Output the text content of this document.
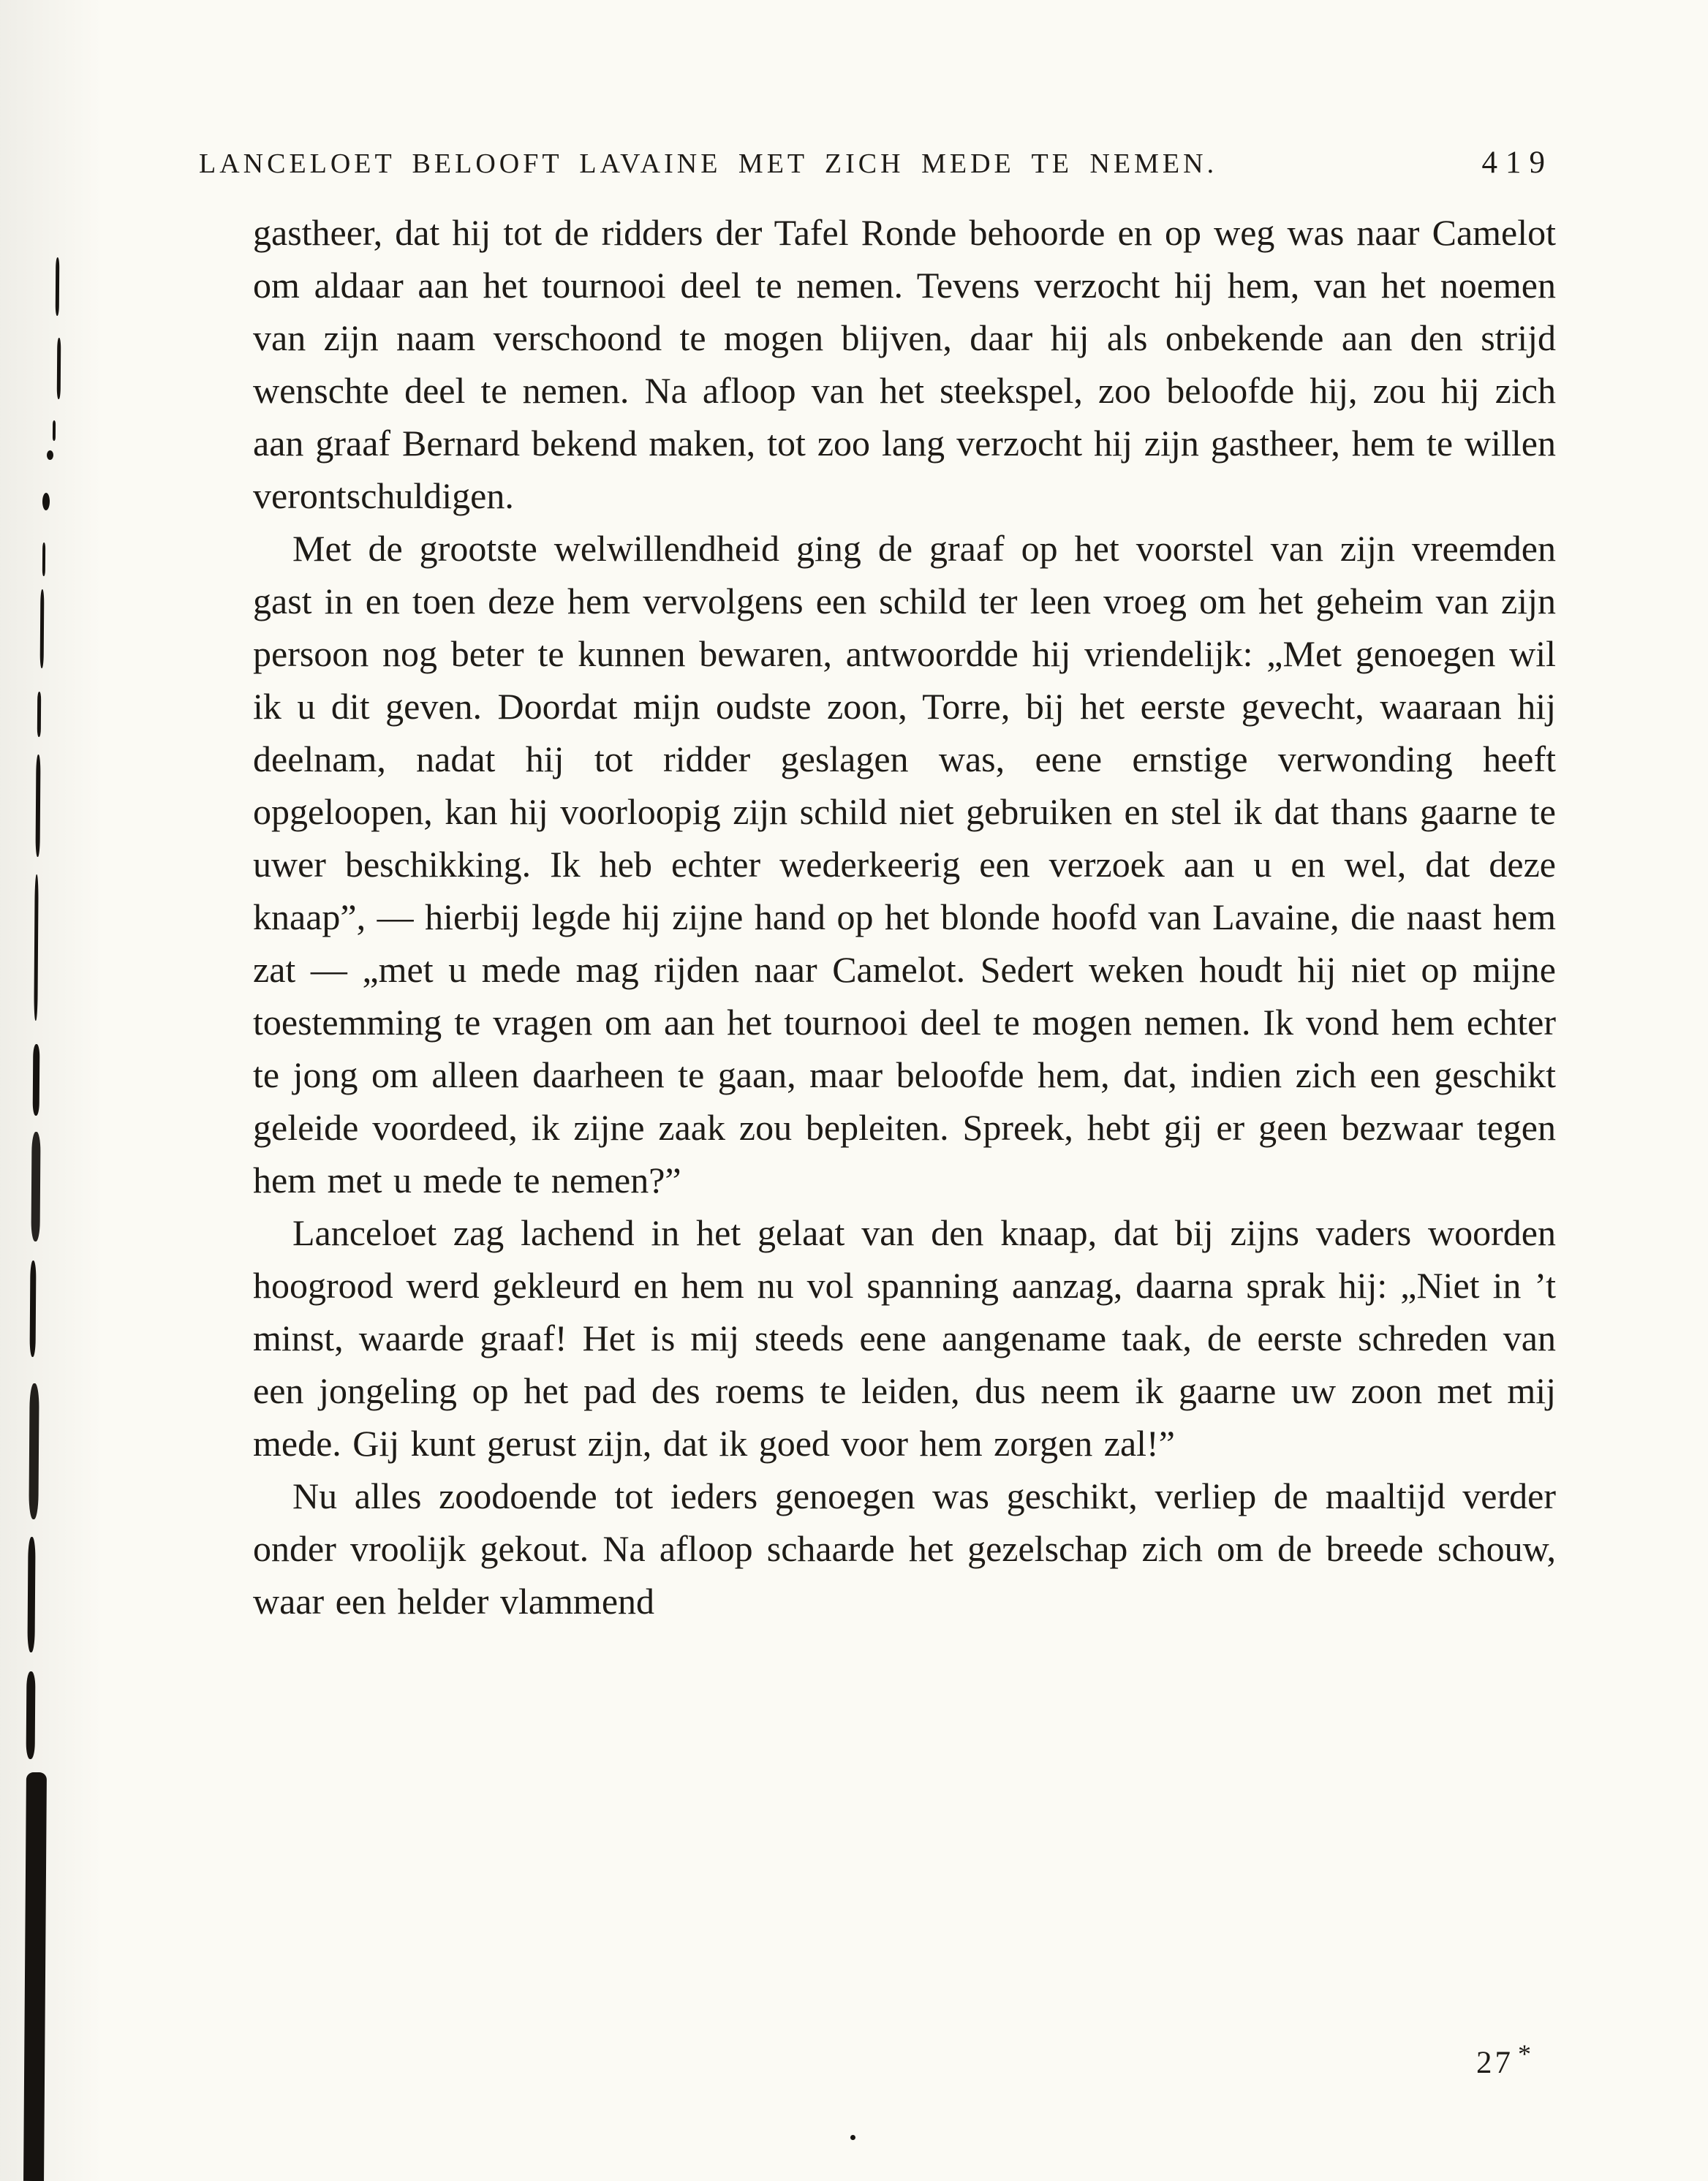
LANCELOET BELOOFT LAVAINE MET ZICH MEDE TE NEMEN.	419

gastheer, dat hij tot de ridders der Tafel Ronde behoorde en op weg was naar Camelot om aldaar aan het tournooi deel te nemen. Tevens verzocht hij hem, van het noemen van zijn naam verschoond te mogen blijven, daar hij als onbekende aan den strijd wenschte deel te nemen. Na afloop van het steekspel, zoo beloofde hij, zou hij zich aan graaf Bernard bekend maken, tot zoo lang verzocht hij zijn gastheer, hem te willen verontschuldigen.

Met de grootste welwillendheid ging de graaf op het voorstel van zijn vreemden gast in en toen deze hem vervolgens een schild ter leen vroeg om het geheim van zijn persoon nog beter te kunnen bewaren, antwoordde hij vriendelijk: „Met genoegen wil ik u dit geven. Doordat mijn oudste zoon, Torre, bij het eerste gevecht, waaraan hij deelnam, nadat hij tot ridder geslagen was, eene ernstige verwonding heeft opgeloopen, kan hij voorloopig zijn schild niet gebruiken en stel ik dat thans gaarne te uwer beschikking. Ik heb echter wederkeerig een verzoek aan u en wel, dat deze knaap”, — hierbij legde hij zijne hand op het blonde hoofd van Lavaine, die naast hem zat — „met u mede mag rijden naar Camelot. Sedert weken houdt hij niet op mijne toestemming te vragen om aan het tournooi deel te mogen nemen. Ik vond hem echter te jong om alleen daarheen te gaan, maar beloofde hem, dat, indien zich een geschikt geleide voordeed, ik zijne zaak zou bepleiten. Spreek, hebt gij er geen bezwaar tegen hem met u mede te nemen?”

Lanceloet zag lachend in het gelaat van den knaap, dat bij zijns vaders woorden hoogrood werd gekleurd en hem nu vol spanning aanzag, daarna sprak hij: „Niet in ’t minst, waarde graaf! Het is mij steeds eene aangename taak, de eerste schreden van een jongeling op het pad des roems te leiden, dus neem ik gaarne uw zoon met mij mede. Gij kunt gerust zijn, dat ik goed voor hem zorgen zal!”

Nu alles zoodoende tot ieders genoegen was geschikt, verliep de maaltijd verder onder vroolijk gekout. Na afloop schaarde het gezelschap zich om de breede schouw, waar een helder vlammend

27 *
